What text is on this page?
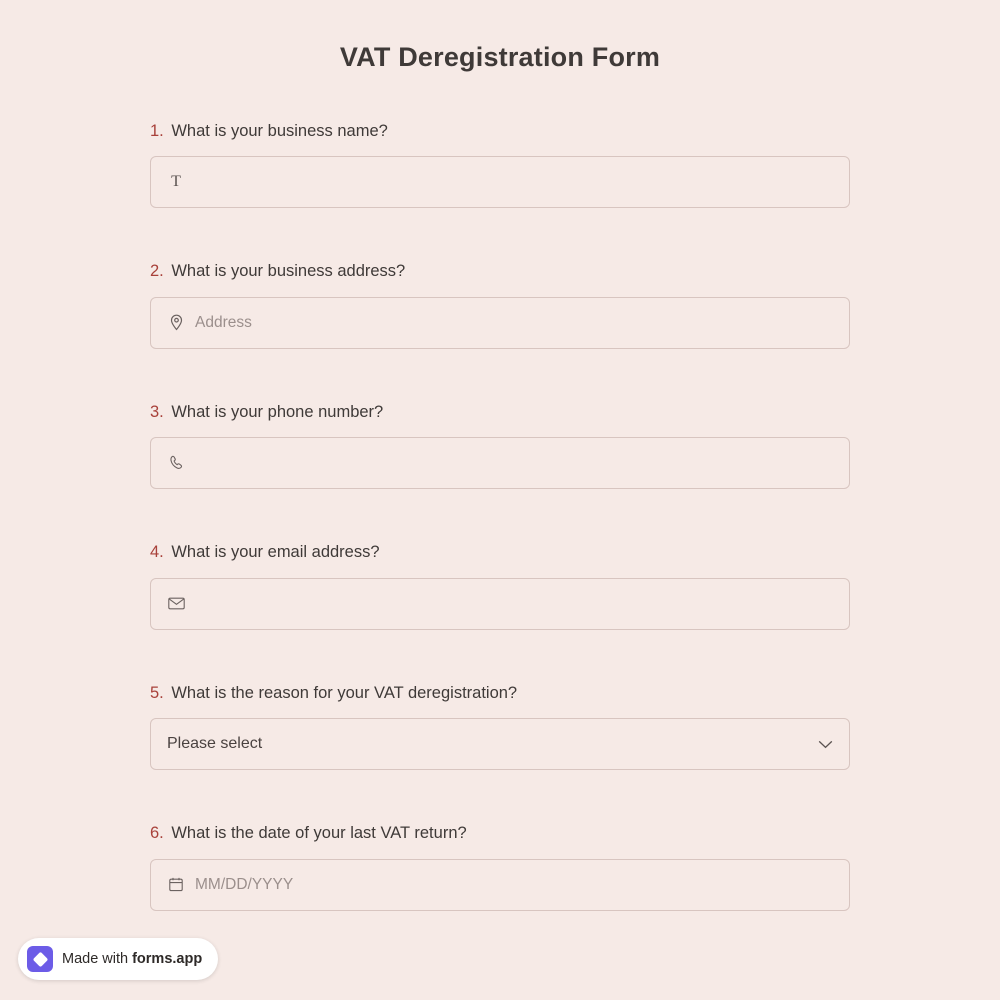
VAT Deregistration Form
1. What is your business name?
T
2. What is your business address?
Address
3. What is your phone number?
4. What is your email address?
5. What is the reason for your VAT deregistration?
Please select
6. What is the date of your last VAT return?
MM/DD/YYYY
Made with forms.app
